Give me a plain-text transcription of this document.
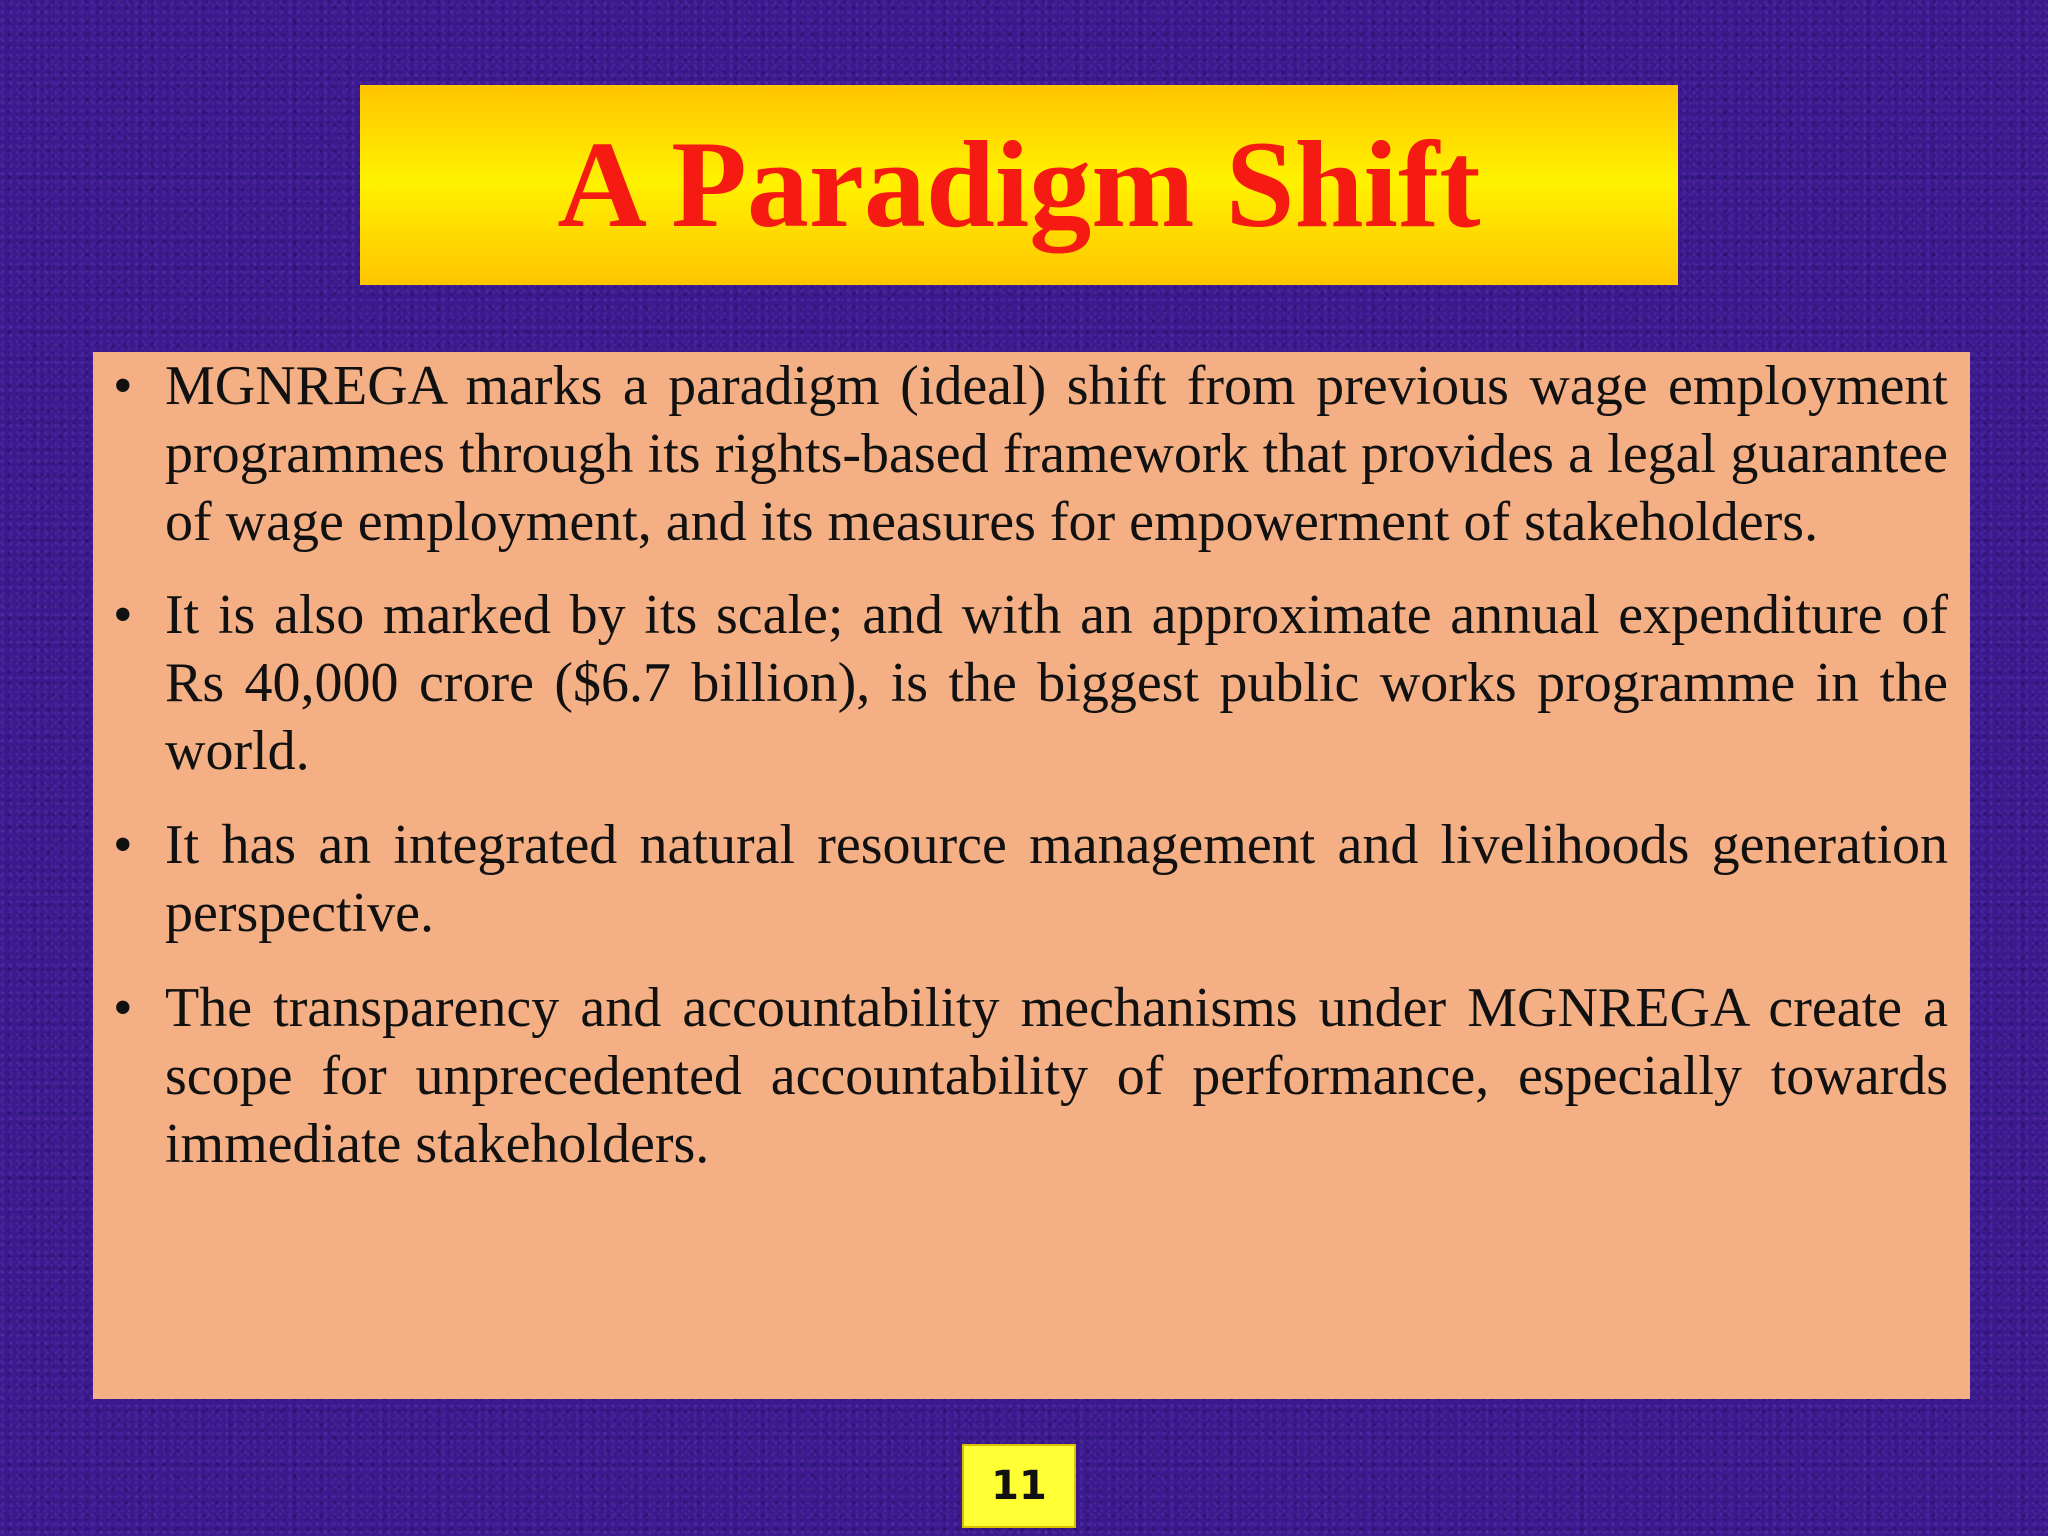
A Paradigm Shift
• MGNREGA marks a paradigm (ideal) shift from previous wage employment programmes through its rights-based framework that provides a legal guarantee of wage employment, and its measures for empowerment of stakeholders.
• It is also marked by its scale; and with an approximate annual expenditure of Rs 40,000 crore ($6.7 billion), is the biggest public works programme in the world.
• It has an integrated natural resource management and livelihoods generation perspective.
• The transparency and accountability mechanisms under MGNREGA create a scope for unprecedented accountability of performance, especially towards immediate stakeholders.
11
